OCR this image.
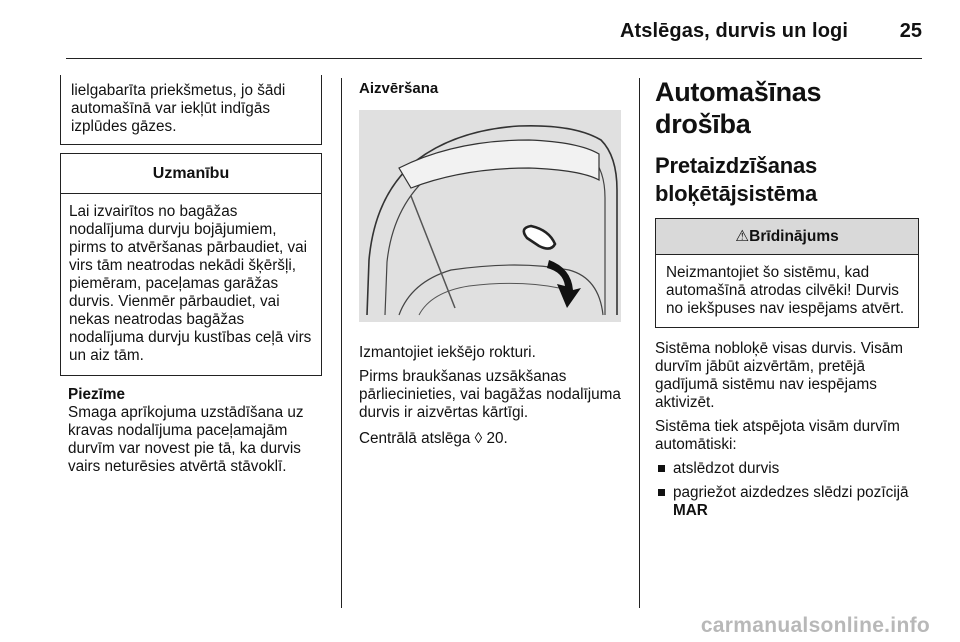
Atslēgas, durvis un logi	25

lielgabarīta priekšmetus, jo šādi automašīnā var iekļūt indīgās izplūdes gāzes.

Uzmanību

Lai izvairītos no bagāžas nodalījuma durvju bojājumiem, pirms to atvēršanas pārbaudiet, vai virs tām neatrodas nekādi šķēršļi, piemēram, paceļamas garāžas durvis. Vienmēr pārbaudiet, vai nekas neatrodas bagāžas nodalījuma durvju kustības ceļā virs un aiz tām.

Piezīme

Smaga aprīkojuma uzstādīšana uz kravas nodalījuma paceļamajām durvīm var novest pie tā, ka durvis vairs neturēsies atvērtā stāvoklī.

Aizvēršana

Izmantojiet iekšējo rokturi.

Pirms braukšanas uzsākšanas pārliecinieties, vai bagāžas nodalījuma durvis ir aizvērtas kārtīgi.

Centrālā atslēga ◊ 20.

Automašīnas drošība
Pretaizdzīšanas
bloķētājsistēma
⚠Brīdinājums

Neizmantojiet šo sistēmu, kad automašīnā atrodas cilvēki! Durvis no iekšpuses nav iespējams atvērt.

Sistēma nobloķē visas durvis. Visām durvīm jābūt aizvērtām, pretējā gadījumā sistēmu nav iespējams aktivizēt.

Sistēma tiek atspējota visām durvīm automātiski:

atslēdzot durvis
pagriežot aizdedzes slēdzi pozīcijā
MAR
carmanualsonline.info
